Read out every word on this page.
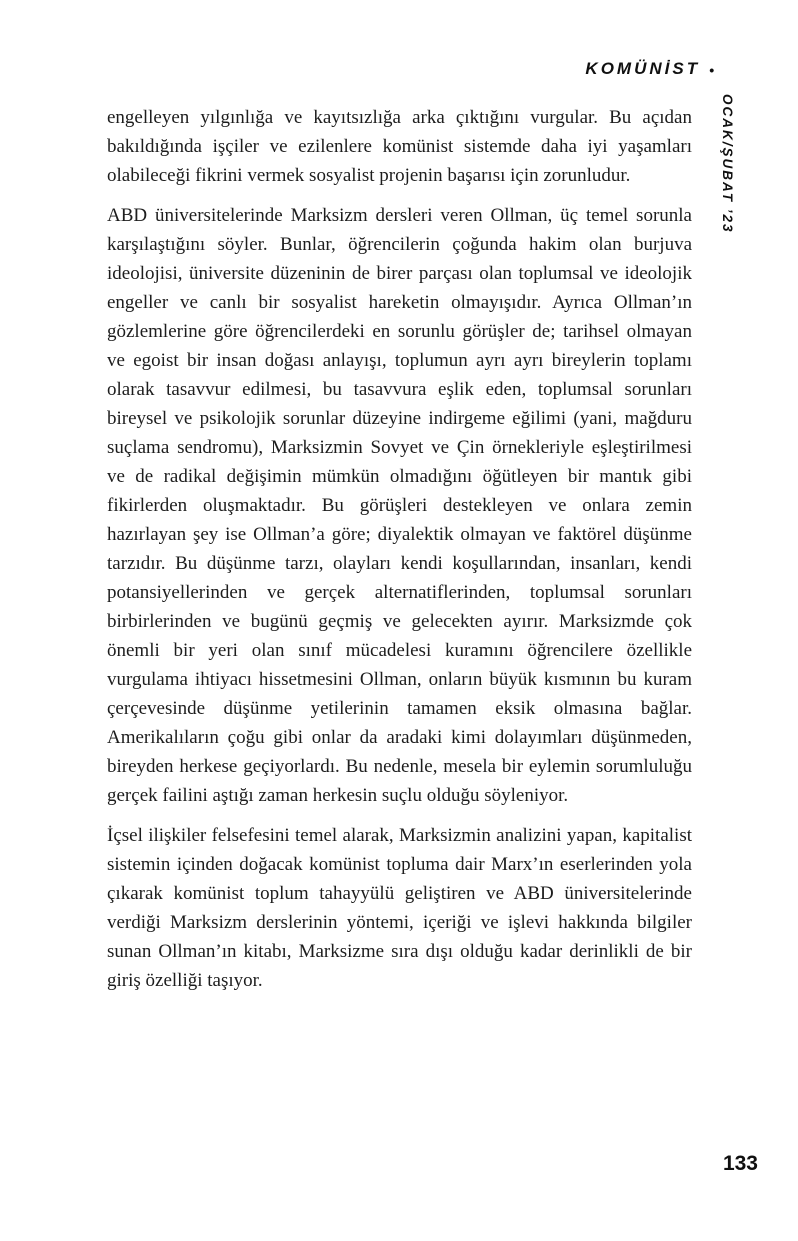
KOMÜNİST •
OCAK/ŞUBAT ’23

engelleyen yılgınlığa ve kayıtsızlığa arka çıktığını vurgular. Bu açıdan bakıldığında işçiler ve ezilenlere komünist sistemde daha iyi yaşamları olabileceği fikrini vermek sosyalist projenin başarısı için zorunludur.

ABD üniversitelerinde Marksizm dersleri veren Ollman, üç temel sorunla karşılaştığını söyler. Bunlar, öğrencilerin çoğunda hakim olan burjuva ideolojisi, üniversite düzeninin de birer parçası olan toplumsal ve ideolojik engeller ve canlı bir sosyalist hareketin olmayışıdır. Ayrıca Ollman’ın gözlemlerine göre öğrencilerdeki en sorunlu görüşler de; tarihsel olmayan ve egoist bir insan doğası anlayışı, toplumun ayrı ayrı bireylerin toplamı olarak tasavvur edilmesi, bu tasavvura eşlik eden, toplumsal sorunları bireysel ve psikolojik sorunlar düzeyine indirgeme eğilimi (yani, mağduru suçlama sendromu), Marksizmin Sovyet ve Çin örnekleriyle eşleştirilmesi ve de radikal değişimin mümkün olmadığını öğütleyen bir mantık gibi fikirlerden oluşmaktadır. Bu görüşleri destekleyen ve onlara zemin hazırlayan şey ise Ollman’a göre; diyalektik olmayan ve faktörel düşünme tarzıdır. Bu düşünme tarzı, olayları kendi koşullarından, insanları, kendi potansiyellerinden ve gerçek alternatiflerinden, toplumsal sorunları birbirlerinden ve bugünü geçmiş ve gelecekten ayırır. Marksizmde çok önemli bir yeri olan sınıf mücadelesi kuramını öğrencilere özellikle vurgulama ihtiyacı hissetmesini Ollman, onların büyük kısmının bu kuram çerçevesinde düşünme yetilerinin tamamen eksik olmasına bağlar. Amerikalıların çoğu gibi onlar da aradaki kimi dolayımları düşünmeden, bireyden herkese geçiyorlardı. Bu nedenle, mesela bir eylemin sorumluluğu gerçek failini aştığı zaman herkesin suçlu olduğu söyleniyor.

İçsel ilişkiler felsefesini temel alarak, Marksizmin analizini yapan, kapitalist sistemin içinden doğacak komünist topluma dair Marx’ın eserlerinden yola çıkarak komünist toplum tahayyülü geliştiren ve ABD üniversitelerinde verdiği Marksizm derslerinin yöntemi, içeriği ve işlevi hakkında bilgiler sunan Ollman’ın kitabı, Marksizme sıra dışı olduğu kadar derinlikli de bir giriş özelliği taşıyor.

133
